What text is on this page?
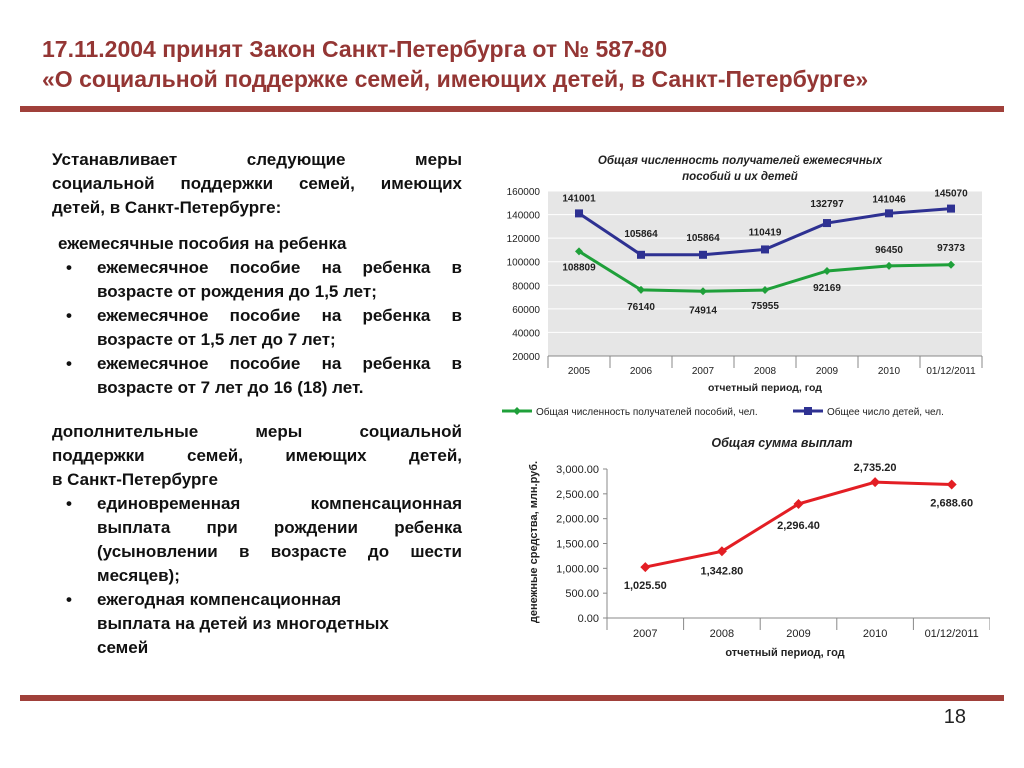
17.11.2004 принят Закон Санкт-Петербурга от № 587-80
«О социальной поддержке семей, имеющих детей, в Санкт-Петербурге»
Устанавливает следующие меры
социальной поддержки семей, имеющих
детей, в Санкт-Петербурге:
ежемесячные пособия на ребенка
• ежемесячное пособие на ребенка в возрасте от рождения до 1,5 лет;
• ежемесячное пособие на ребенка в возрасте от 1,5 лет до 7 лет;
• ежемесячное пособие на ребенка в возрасте от 7 лет до 16 (18) лет.
дополнительные меры социальной
поддержки семей, имеющих детей,
в Санкт-Петербурге
• единовременная компенсационная выплата при рождении ребенка (усыновлении в возрасте до шести месяцев);
• ежегодная компенсационная
выплата на детей из многодетных
семей
Общая численность получателей ежемесячных
пособий и их детей
20000
40000
60000
80000
100000
120000
140000
160000
2005	2006	2007	2008	2009	2010	01/12/2011
108809
76140	74914	75955
92169
96450	97373
141001
105864	105864	110419
132797	141046
145070
отчетный период, год
Общая численность получателей пособий, чел.	Общее число детей, чел.
Общая сумма выплат
0.00
500.00
1,000.00
1,500.00
2,000.00
2,500.00
3,000.00
2007	2008	2009	2010	01/12/2011
1,025.50
1,342.80
2,296.40
2,735.20
2,688.60
отчетный период, год
денежные средства, млн.руб.
18
